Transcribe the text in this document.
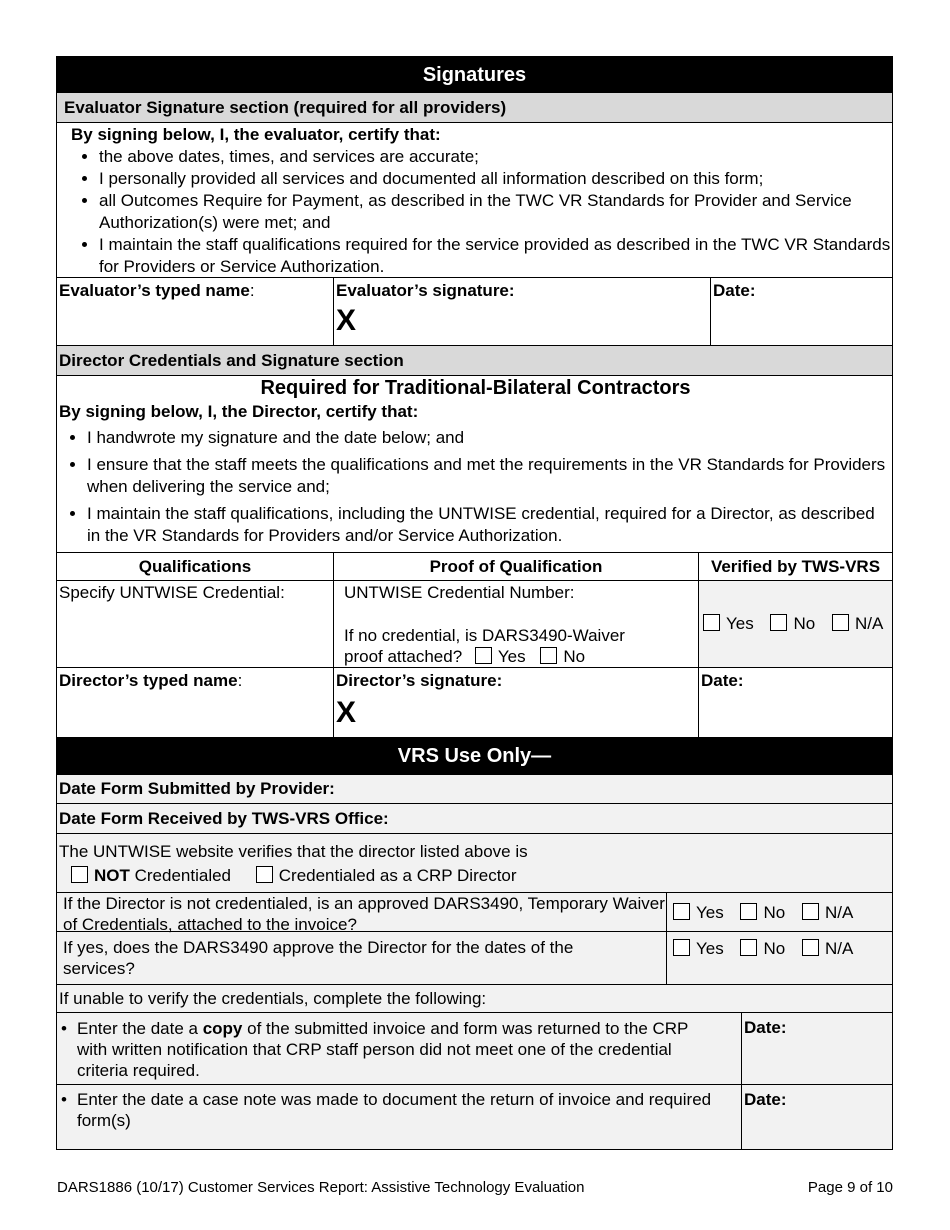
Signatures
Evaluator Signature section (required for all providers)
By signing below, I, the evaluator, certify that:
• the above dates, times, and services are accurate;
• I personally provided all services and documented all information described on this form;
• all Outcomes Require for Payment, as described in the TWC VR Standards for Provider and Service Authorization(s) were met; and
• I maintain the staff qualifications required for the service provided as described in the TWC VR Standards for Providers or Service Authorization.
Evaluator’s typed name:	Evaluator’s signature:
X
Date:
Director Credentials and Signature section
Required for Traditional-Bilateral Contractors
By signing below, I, the Director, certify that:
• I handwrote my signature and the date below; and
• I ensure that the staff meets the qualifications and met the requirements in the VR Standards for Providers when delivering the service and;
• I maintain the staff qualifications, including the UNTWISE credential, required for a Director, as described in the VR Standards for Providers and/or Service Authorization.
Qualifications	Proof of Qualification	Verified by TWS-VRS
Specify UNTWISE Credential:	UNTWISE Credential Number:
If no credential, is DARS3490-Waiver proof attached? Yes No
Yes No N/A
Director’s typed name:	Director’s signature:
X
Date:
VRS Use Only—
Date Form Submitted by Provider:
Date Form Received by TWS-VRS Office:
The UNTWISE website verifies that the director listed above is
NOT Credentialed	Credentialed as a CRP Director
If the Director is not credentialed, is an approved DARS3490, Temporary Waiver of Credentials, attached to the invoice?
Yes No N/A
If yes, does the DARS3490 approve the Director for the dates of the services?
Yes No N/A
If unable to verify the credentials, complete the following:
• Enter the date a copy of the submitted invoice and form was returned to the CRP with written notification that CRP staff person did not meet one of the credential criteria required.
Date:
• Enter the date a case note was made to document the return of invoice and required form(s)
Date:
DARS1886 (10/17) Customer Services Report: Assistive Technology Evaluation	Page 9 of 10
